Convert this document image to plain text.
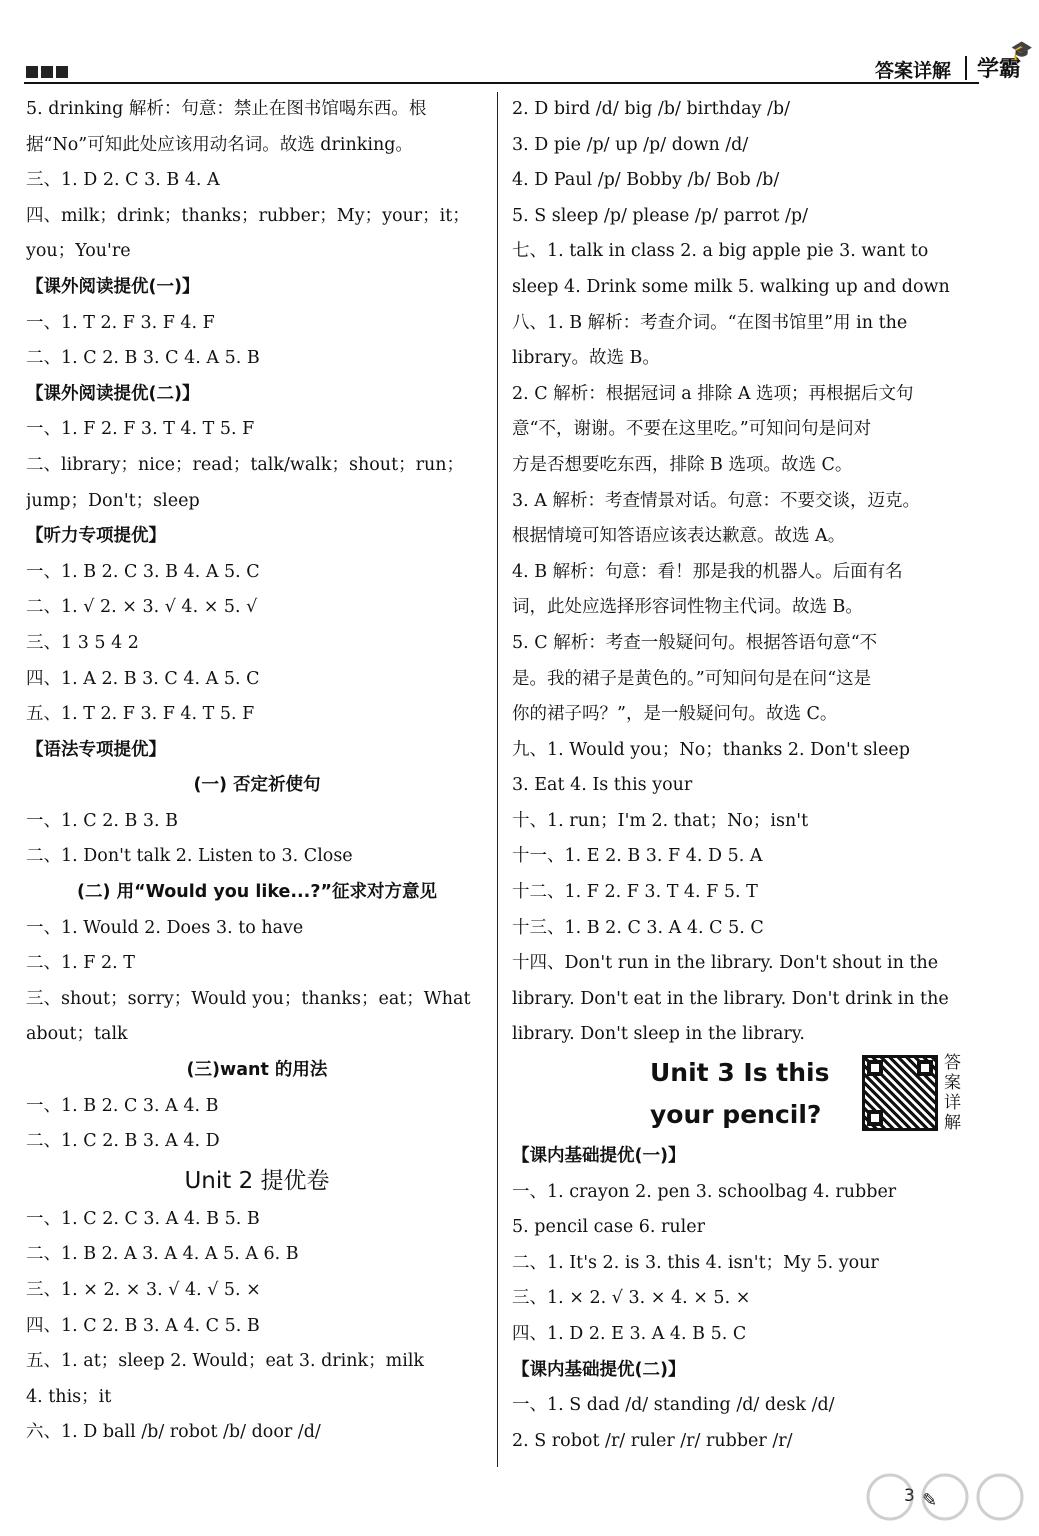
答案详解 学霸
🎓
5. drinking 解析：句意：禁止在图书馆喝东西。根
据“No”可知此处应该用动名词。故选 drinking。
三、1. D 2. C 3. B 4. A
四、milk；drink；thanks；rubber；My；your；it；
you；You're
【课外阅读提优(一)】
一、1. T 2. F 3. F 4. F
二、1. C 2. B 3. C 4. A 5. B
【课外阅读提优(二)】
一、1. F 2. F 3. T 4. T 5. F
二、library；nice；read；talk/walk；shout；run；
jump；Don't；sleep
【听力专项提优】
一、1. B 2. C 3. B 4. A 5. C
二、1. √ 2. × 3. √ 4. × 5. √
三、1 3 5 4 2
四、1. A 2. B 3. C 4. A 5. C
五、1. T 2. F 3. F 4. T 5. F
【语法专项提优】
(一) 否定祈使句
一、1. C 2. B 3. B
二、1. Don't talk 2. Listen to 3. Close
(二) 用“Would you like...?”征求对方意见
一、1. Would 2. Does 3. to have
二、1. F 2. T
三、shout；sorry；Would you；thanks；eat；What
about；talk
(三)want 的用法
一、1. B 2. C 3. A 4. B
二、1. C 2. B 3. A 4. D
Unit 2 提优卷
一、1. C 2. C 3. A 4. B 5. B
二、1. B 2. A 3. A 4. A 5. A 6. B
三、1. × 2. × 3. √ 4. √ 5. ×
四、1. C 2. B 3. A 4. C 5. B
五、1. at；sleep 2. Would；eat 3. drink；milk
4. this；it
六、1. D ball /b/ robot /b/ door /d/
2. D bird /d/ big /b/ birthday /b/
3. D pie /p/ up /p/ down /d/
4. D Paul /p/ Bobby /b/ Bob /b/
5. S sleep /p/ please /p/ parrot /p/
七、1. talk in class 2. a big apple pie 3. want to
sleep 4. Drink some milk 5. walking up and down
八、1. B 解析：考查介词。“在图书馆里”用 in the
library。故选 B。
2. C 解析：根据冠词 a 排除 A 选项；再根据后文句
意“不，谢谢。不要在这里吃。”可知问句是问对
方是否想要吃东西，排除 B 选项。故选 C。
3. A 解析：考查情景对话。句意：不要交谈，迈克。
根据情境可知答语应该表达歉意。故选 A。
4. B 解析：句意：看！那是我的机器人。后面有名
词，此处应选择形容词性物主代词。故选 B。
5. C 解析：考查一般疑问句。根据答语句意“不
是。我的裙子是黄色的。”可知问句是在问“这是
你的裙子吗？”，是一般疑问句。故选 C。
九、1. Would you；No；thanks 2. Don't sleep
3. Eat 4. Is this your
十、1. run；I'm 2. that；No；isn't
十一、1. E 2. B 3. F 4. D 5. A
十二、1. F 2. F 3. T 4. F 5. T
十三、1. B 2. C 3. A 4. C 5. C
十四、Don't run in the library. Don't shout in the
library. Don't eat in the library. Don't drink in the
library. Don't sleep in the library.
Unit 3 Is this
your pencil?
答案详解
【课内基础提优(一)】
一、1. crayon 2. pen 3. schoolbag 4. rubber
5. pencil case 6. ruler
二、1. It's 2. is 3. this 4. isn't；My 5. your
三、1. × 2. √ 3. × 4. × 5. ×
四、1. D 2. E 3. A 4. B 5. C
【课内基础提优(二)】
一、1. S dad /d/ standing /d/ desk /d/
2. S robot /r/ ruler /r/ rubber /r/
3 ✎
